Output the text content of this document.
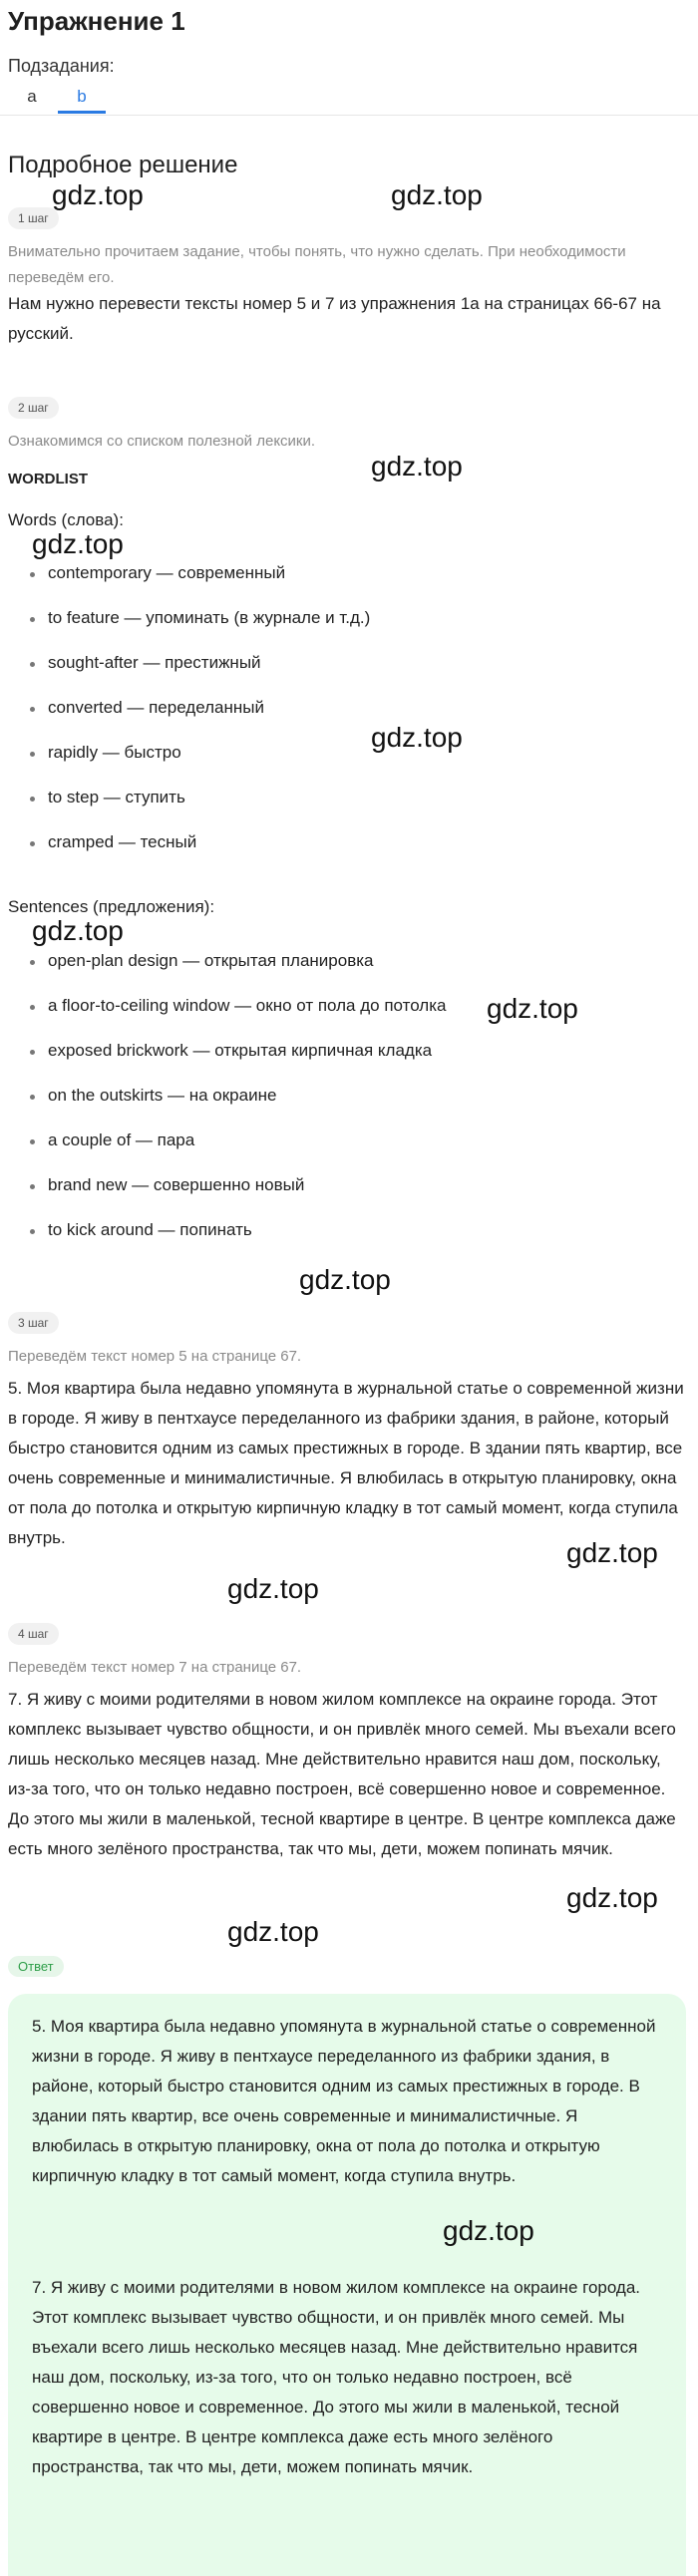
Упражнение 1
Подзадания:
a	b
Подробное решение
1 шаг
Внимательно прочитаем задание, чтобы понять, что нужно сделать. При необходимости переведём его.
Нам нужно перевести тексты номер 5 и 7 из упражнения 1а на страницах 66-67 на русский.
2 шаг
Ознакомимся со списком полезной лексики.
WORDLIST
Words (слова):
contemporary — современный
to feature — упоминать (в журнале и т.д.)
sought-after — престижный
converted — переделанный
rapidly — быстро
to step — ступить
cramped — тесный
Sentences (предложения):
open-plan design — открытая планировка
a floor-to-ceiling window — окно от пола до потолка
exposed brickwork — открытая кирпичная кладка
on the outskirts — на окраине
a couple of — пара
brand new — совершенно новый
to kick around — попинать
3 шаг
Переведём текст номер 5 на странице 67.
5. Моя квартира была недавно упомянута в журнальной статье о современной жизни в городе. Я живу в пентхаусе переделанного из фабрики здания, в районе, который быстро становится одним из самых престижных в городе. В здании пять квартир, все очень современные и минималистичные. Я влюбилась в открытую планировку, окна от пола до потолка и открытую кирпичную кладку в тот самый момент, когда ступила внутрь.
4 шаг
Переведём текст номер 7 на странице 67.
7. Я живу с моими родителями в новом жилом комплексе на окраине города. Этот комплекс вызывает чувство общности, и он привлёк много семей. Мы въехали всего лишь несколько месяцев назад. Мне действительно нравится наш дом, поскольку, из-за того, что он только недавно построен, всё совершенно новое и современное. До этого мы жили в маленькой, тесной квартире в центре. В центре комплекса даже есть много зелёного пространства, так что мы, дети, можем попинать мячик.
Ответ
5. Моя квартира была недавно упомянута в журнальной статье о современной жизни в городе. Я живу в пентхаусе переделанного из фабрики здания, в районе, который быстро становится одним из самых престижных в городе. В здании пять квартир, все очень современные и минималистичные. Я влюбилась в открытую планировку, окна от пола до потолка и открытую кирпичную кладку в тот самый момент, когда ступила внутрь.
7. Я живу с моими родителями в новом жилом комплексе на окраине города. Этот комплекс вызывает чувство общности, и он привлёк много семей. Мы въехали всего лишь несколько месяцев назад. Мне действительно нравится наш дом, поскольку, из-за того, что он только недавно построен, всё совершенно новое и современное. До этого мы жили в маленькой, тесной квартире в центре. В центре комплекса даже есть много зелёного пространства, так что мы, дети, можем попинать мячик.
gdz.top	gdz.top
gdz.top
gdz.top
gdz.top
gdz.top
gdz.top
gdz.top
gdz.top
gdz.top
gdz.top
gdz.top
gdz.top
